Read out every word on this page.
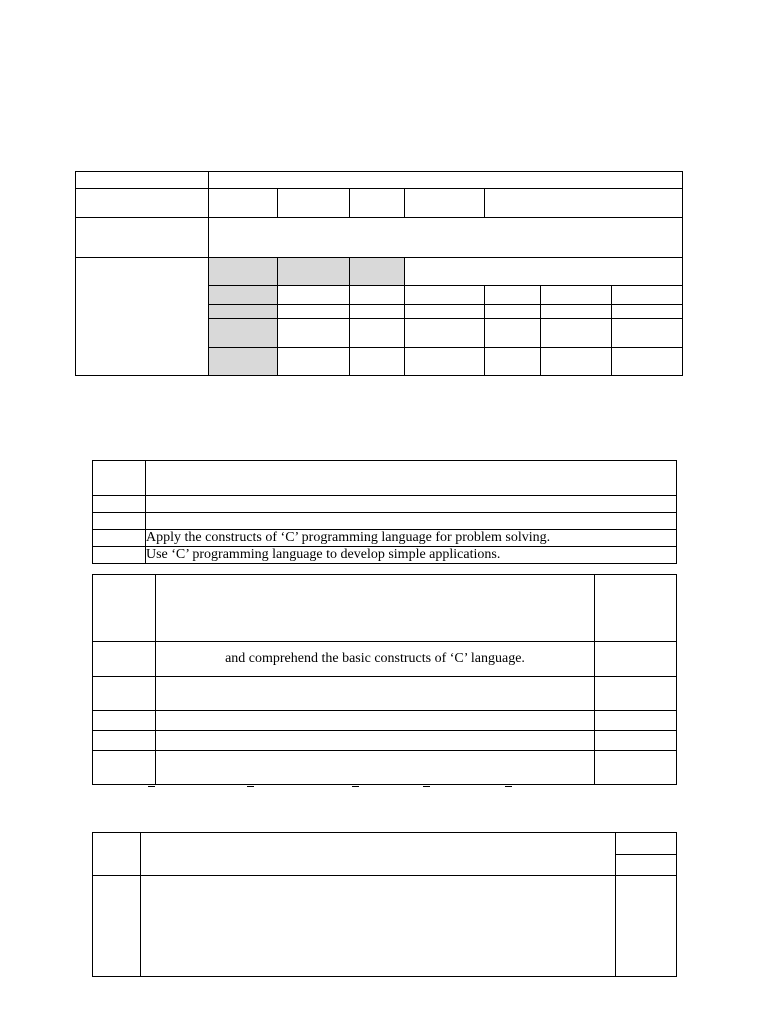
	Apply the constructs of ‘C’ programming language for problem solving.
	Use ‘C’ programming language to develop simple applications.

	and comprehend the basic constructs of ‘C’ language.	
